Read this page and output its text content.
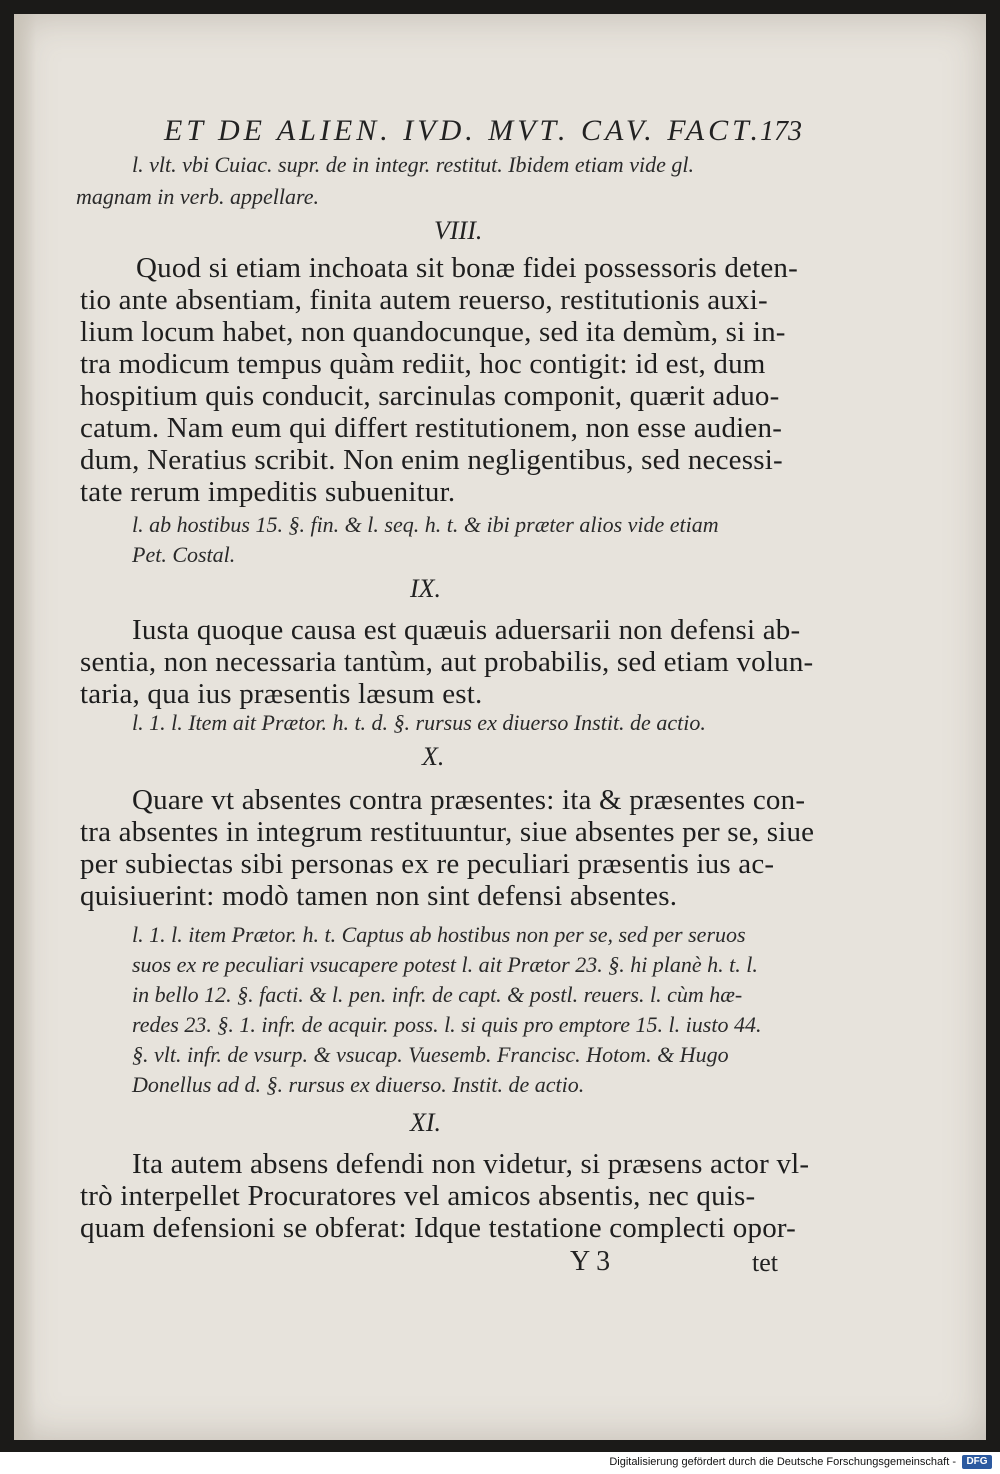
ET DE ALIEN. IVD. MVT. CAV. FACT.
173
l. vlt. vbi Cuiac. supr. de in integr. restitut. Ibidem etiam vide gl.
magnam in verb. appellare.
VIII.
Quod si etiam inchoata sit bonæ fidei possessoris deten-
tio ante absentiam, finita autem reuerso, restitutionis auxi-
lium locum habet, non quandocunque, sed ita demùm, si in-
tra modicum tempus quàm rediit, hoc contigit: id est, dum
hospitium quis conducit, sarcinulas componit, quærit aduo-
catum. Nam eum qui differt restitutionem, non esse audien-
dum, Neratius scribit. Non enim negligentibus, sed necessi-
tate rerum impeditis subuenitur.
l. ab hostibus 15. §. fin. & l. seq. h. t. & ibi præter alios vide etiam
Pet. Costal.
IX.
Iusta quoque causa est quæuis aduersarii non defensi ab-
sentia, non necessaria tantùm, aut probabilis, sed etiam volun-
taria, qua ius præsentis læsum est.
l. 1. l. Item ait Prætor. h. t. d. §. rursus ex diuerso Instit. de actio.
X.
Quare vt absentes contra præsentes: ita & præsentes con-
tra absentes in integrum restituuntur, siue absentes per se, siue
per subiectas sibi personas ex re peculiari præsentis ius ac-
quisiuerint: modò tamen non sint defensi absentes.
l. 1. l. item Prætor. h. t. Captus ab hostibus non per se, sed per seruos
suos ex re peculiari vsucapere potest l. ait Prætor 23. §. hi planè h. t. l.
in bello 12. §. facti. & l. pen. infr. de capt. & postl. reuers. l. cùm hæ-
redes 23. §. 1. infr. de acquir. poss. l. si quis pro emptore 15. l. iusto 44.
§. vlt. infr. de vsurp. & vsucap. Vuesemb. Francisc. Hotom. & Hugo
Donellus ad d. §. rursus ex diuerso. Instit. de actio.
XI.
Ita autem absens defendi non videtur, si præsens actor vl-
trò interpellet Procuratores vel amicos absentis, nec quis-
quam defensioni se obferat: Idque testatione complecti opor-
Y 3	tet
Digitalisierung gefördert durch die Deutsche Forschungsgemeinschaft -	DFG
